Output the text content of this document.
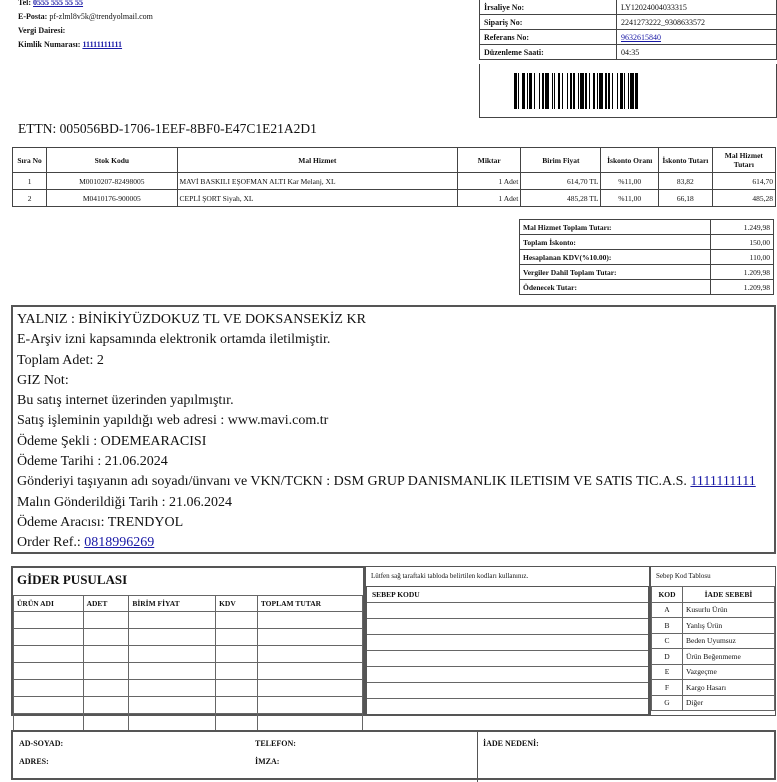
Tel: 0555 555 55 55
E-Posta: pf-zlml8v5k@trendyolmail.com
Vergi Dairesi:
Kimlik Numarası: 11111111111
İrsaliye No:	LY12024004033315
Sipariş No:	2241273222_9308633572
Referans No:	9632615840
Düzenleme Saati:	04:35
ETTN: 005056BD-1706-1EEF-8BF0-E47C1E21A2D1
Sıra No	Stok Kodu	Mal Hizmet	Miktar	Birim Fiyat	İskonto Oranı	İskonto Tutarı	Mal Hizmet Tutarı
1	M0010207-82498005	MAVİ BASKILI EŞOFMAN ALTI Kar Melanj, XL	1 Adet	614,70 TL	%11,00	83,82	614,70
2	M0410176-900005	CEPLİ ŞORT Siyah, XL	1 Adet	485,28 TL	%11,00	66,18	485,28
Mal Hizmet Toplam Tutarı:	1.249,98
Toplam İskonto:	150,00
Hesaplanan KDV(%10.00):	110,00
Vergiler Dahil Toplam Tutar:	1.209,98
Ödenecek Tutar:	1.209,98
YALNIZ : BİNİKİYÜZDOKUZ TL VE DOKSANSEKİZ KR
E-Arşiv izni kapsamında elektronik ortamda iletilmiştir.
Toplam Adet: 2
GIZ Not:
Bu satış internet üzerinden yapılmıştır.
Satış işleminin yapıldığı web adresi : www.mavi.com.tr
Ödeme Şekli : ODEMEARACISI
Ödeme Tarihi : 21.06.2024
Gönderiyi taşıyanın adı soyadı/ünvanı ve VKN/TCKN : DSM GRUP DANISMANLIK ILETISIM VE SATIS TIC.A.S. 1111111111
Malın Gönderildiği Tarih : 21.06.2024
Ödeme Aracısı: TRENDYOL
Order Ref.: 0818996269
GİDER PUSULASI
ÜRÜN ADI	ADET	BİRİM FİYAT	KDV	TOPLAM TUTAR

Lütfen sağ taraftaki tabloda belirtilen kodları kullanınız.
SEBEP KODU
Sebep Kod Tablosu
KOD	İADE SEBEBİ
A	Kusurlu Ürün
B	Yanlış Ürün
C	Beden Uyumsuz
D	Ürün Beğenmeme
E	Vazgeçme
F	Kargo Hasarı
G	Diğer
AD-SOYAD:	TELEFON:
ADRES:	İMZA:
İADE NEDENİ:
